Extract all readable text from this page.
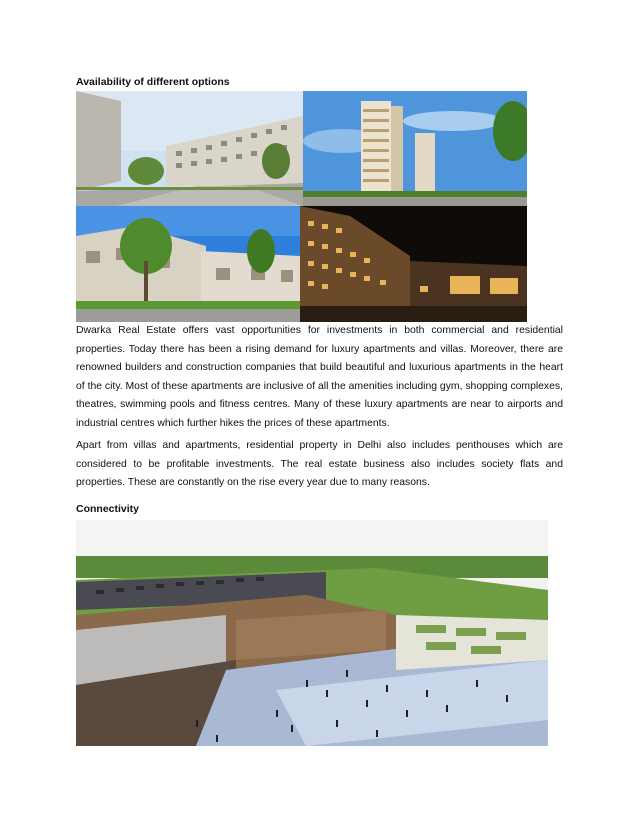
Availability of different options

Dwarka Real Estate offers vast opportunities for investments in both commercial and residential properties. Today there has been a rising demand for luxury apartments and villas. Moreover, there are renowned builders and construction companies that build beautiful and luxurious apartments in the heart of the city. Most of these apartments are inclusive of all the amenities including gym, shopping complexes, theatres, swimming pools and fitness centres. Many of these luxury apartments are near to airports and industrial centres which further hikes the prices of these apartments.

Apart from villas and apartments, residential property in Delhi also includes penthouses which are considered to be profitable investments. The real estate business also includes society flats and properties. These are constantly on the rise every year due to many reasons.

Connectivity
